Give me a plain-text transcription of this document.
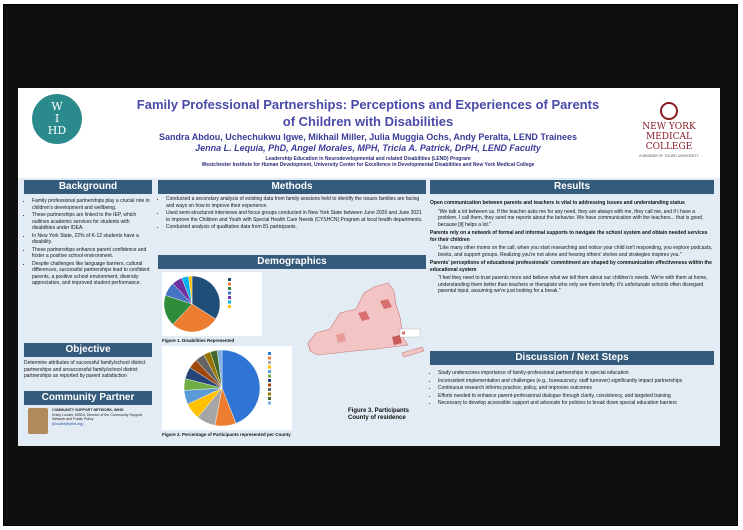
W
I
HD
Family Professional Partnerships: Perceptions and Experiences of Parents
of Children with Disabilities
Sandra Abdou, Uchechukwu Igwe, Mikhail Miller, Julia Muggia Ochs, Andy Peralta, LEND Trainees
Jenna L. Lequia, PhD, Angel Morales, MPH, Tricia A. Patrick, DrPH, LEND Faculty
Leadership Education in Neurodevelopmental and related Disabilities (LEND) Program
Westchester Institute for Human Development, University Center for Excellence in Developmental Disabilities and New York Medical College
NEW YORK
MEDICAL COLLEGE
A MEMBER OF TOURO UNIVERSITY
Background
• Family professional partnerships play a crucial role in children's development and wellbeing.
• These partnerships are linked to the IEP, which outlines academic services for students with disabilities under IDEA.
• In New York State, 22% of K-12 students have a disability.
• These partnerships enhance parent confidence and foster a positive school environment.
• Despite challenges like language barriers, cultural differences, successful partnerships lead to confident parents, a positive school environment, diversity appreciation, and improved student performance.
Objective
Determine attributes of successful family/school district partnerships and unsuccessful family/school district partnerships as reported by parent satisfaction
Community Partner
COMMUNITY SUPPORT NETWORK, WIHD
Kristy Louder, MSEd, Director of the Community Support Network and Public Policy
(klouder@wihd.org)
Methods
• Conducted a secondary analysis of existing data from family sessions held to identify the issues families are facing and ways on how to improve their experience.
• Used semi-structured interviews and focus groups conducted in New York State between June 2020 and June 2021 to improve the Children and Youth with Special Health Care Needs (CYSHCN) Program at local health departments.
• Conducted analysis of qualitative data from 81 participants.
Demographics
Figure 1. Disabilities Represented
Figure 2. Percentage of Participants represented per County
Figure 3. Participants
County of residence
Results
Open communication between parents and teachers is vital to addressing issues and understanding status
"We talk a lot between us. If the teacher asks me for any need, they are always with me, they call me, and if I have a problem, I call them, they send me reports about the behavior. We have communication with the teachers... that is good, because [it] helps a lot."
Parents rely on a network of formal and informal supports to navigate the school system and obtain needed services for their children
"Like many other moms on the call, when you start researching and notice your child isn't responding, you explore podcasts, books, and support groups. Realizing you're not alone and hearing others' stories and strategies inspires you."
Parents' perceptions of educational professionals' commitment are shaped by communication effectiveness within the educational system
"I feel they need to trust parents more and believe what we tell them about our children's needs. We're with them at home, understanding them better than teachers or therapists who only see them briefly. It's unfortunate schools often disregard parental input, assuming we're just looking for a break."
Discussion / Next Steps
• Study underscores importance of family-professional partnerships in special education
• Inconsistent implementation and challenges (e.g., bureaucracy, staff turnover) significantly impact partnerships
• Continuous research informs practice, policy, and improves outcomes
• Efforts needed to enhance parent-professional dialogue through clarity, consistency, and targeted training
• Necessary to develop accessible support and advocate for policies to break down special education barriers
